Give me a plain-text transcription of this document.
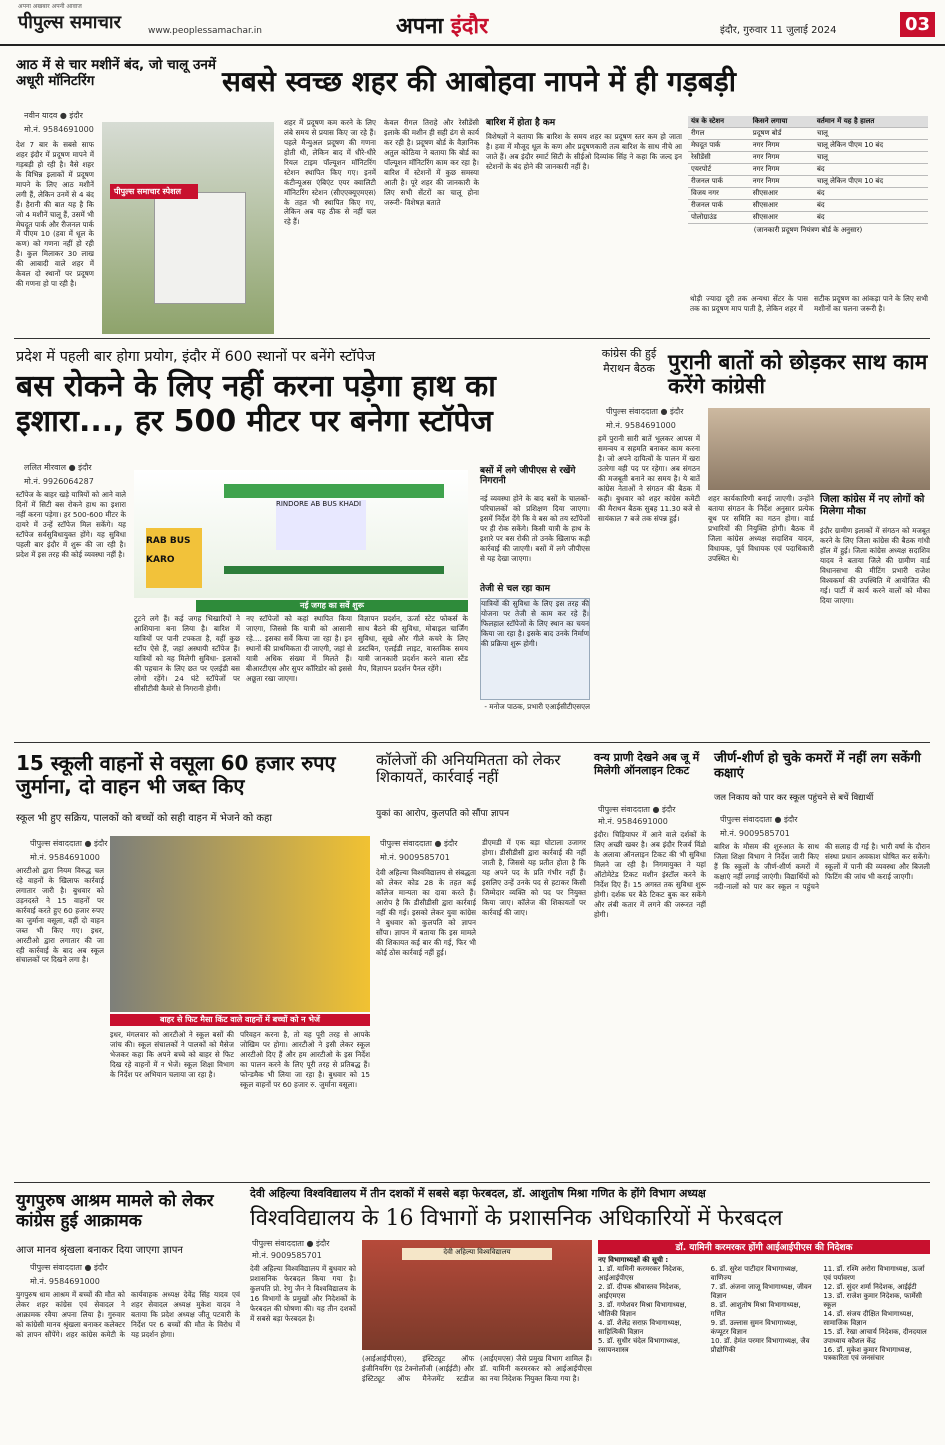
अपना अखबार अपनी आवाज
पीपुल्स समाचार	www.peoplessamachar.in	अपना इंदौर	इंदौर, गुरुवार 11 जुलाई 2024	03
आठ में से चार मशीनें बंद, जो चालू उनमें अधूरी मॉनिटरिंग	सबसे स्वच्छ शहर की आबोहवा नापने में ही गड़बड़ी
नवीन यादव ● इंदौर
मो.नं. 9584691000
देश 7 बार के सबसे साफ शहर इंदौर में प्रदूषण मापने में गड़बड़ी हो रही है। वैसे शहर के विभिन्न इलाकों में प्रदूषण मापने के लिए आठ मशीनें लगी हैं, लेकिन उनमें से 4 बंद हैं। हैरानी की बात यह है कि जो 4 मशीनें चालू हैं, उसमें भी मेघदूत पार्क और रीजनल पार्क में पीएम 10 (हवा में धूल के कण) को गणना नहीं हो रही है। कुल मिलाकर 30 लाख की आबादी वाले शहर में केवल दो स्थानों पर प्रदूषण की गणना हो पा रही है।
पीपुल्स समाचार स्पेशल
शहर में प्रदूषण कम करने के लिए लंबे समय से प्रयास किए जा रहे हैं। पहले मैन्युअल प्रदूषण की गणना होती थी, लेकिन बाद में धीरे-धीरे रियल टाइम पॉल्यूशन मॉनिटरिंग स्टेशन स्थापित किए गए। इनमें कंटीन्यूअस एंबिएंट एयर क्वालिटी मॉनिटरिंग स्टेशन (सीएएक्यूएमएस) के तहत भी स्थापित किए गए, लेकिन अब यह ठीक से नहीं चल रहे हैं।
केवल रीगल तिराहे और रेसीडेंसी इलाके की मशीन ही सही ढंग से कार्य कर रही है। प्रदूषण बोर्ड के वैज्ञानिक अतुल कोठिया ने बताया कि बोर्ड का पॉल्यूशन मॉनिटरिंग काम कर रहा है। बारिश में स्टेशनों में कुछ समस्या आती है। पूरे शहर की जानकारी के लिए सभी सेंटरों का चालू होना जरूरी- विशेषज्ञ बताते
बारिश में होता है कम
विशेषज्ञों ने बताया कि बारिश के समय शहर का प्रदूषण स्तर कम हो जाता है। हवा में मौजूद धूल के कण और प्रदूषणकारी तत्व बारिश के साथ नीचे आ जाते हैं। अब इंदौर स्मार्ट सिटी के सीईओ दिव्यांक सिंह ने कहा कि जल्द इन स्टेशनों के बंद होने की जानकारी नहीं है।
यंत्र के स्टेशन	किसने लगाया	वर्तमान में यह है हालत
रीगल	प्रदूषण बोर्ड	चालू
मेघदूत पार्क	नगर निगम	चालू लेकिन पीएम 10 बंद
रेसीडेंसी	नगर निगम	चालू
एयरपोर्ट	नगर निगम	बंद
रीजनल पार्क	नगर निगम	चालू लेकिन पीएम 10 बंद
विजय नगर	सीएसआर	बंद
रीजनल पार्क	सीएसआर	बंद
पोलोग्राउंड	सीएसआर	बंद
(जानकारी प्रदूषण नियंत्रण बोर्ड के अनुसार)
थोड़ी ज्यादा दूरी तक अन्यथा सेंटर के पास तक का प्रदूषण माप पाती है, लेकिन शहर में
सटीक प्रदूषण का आंकड़ा पाने के लिए सभी मशीनों का चलना जरूरी है।
प्रदेश में पहली बार होगा प्रयोग, इंदौर में 600 स्थानों पर बनेंगे स्टॉपेज
बस रोकने के लिए नहीं करना पड़ेगा हाथ का इशारा..., हर 500 मीटर पर बनेगा स्टॉपेज
ललित मीरवाल ● इंदौर
मो.नं. 9926064287
स्टॉपेज के बाहर खड़े यात्रियों को आने वाले दिनों में सिटी बस रोकने हाथ का इशारा नहीं करना पड़ेगा। हर 500-600 मीटर के दायरे में उन्हें स्टॉपेज मिल सकेंगे। यह स्टॉपेज सर्वसुविधायुक्त होंगे। यह सुविधा पहली बार इंदौर में शुरू की जा रही है। प्रदेश में इस तरह की कोई व्यवस्था नहीं है।
RAB BUS KARO
RINDORE AB BUS KHADI
नई जगह का सर्वे शुरू
टूटने लगे हैं। कई जगह भिखारियों ने आशियाना बना लिया है। बारिश में यात्रियों पर पानी टपकता है, वहीं कुछ स्टॉप ऐसे हैं, जहां अस्थायी स्टॉपेज हैं। यात्रियों को यह मिलेगी सुविधा- इलाकों की पहचान के लिए छत पर एलईडी बस लोगो रहेंगे। 24 घंटे स्टॉपेजों पर सीसीटीवी कैमरे से निगरानी होगी।
नए स्टॉपेजों को कहां स्थापित किया जाएगा, जिससे कि यात्री को आसानी रहे.... इसका सर्वे किया जा रहा है। इन स्थानों की प्राथमिकता दी जाएगी, जहां से यात्री अधिक संख्या में मिलते हैं। बीआरटीएस और सुपर कॉरिडोर को इससे अछूता रखा जाएगा।
विज्ञापन प्रदर्शन, ऊर्जा स्टेट फोकर्स के साथ बैठने की सुविधा, मोबाइल चार्जिंग सुविधा, सूखे और गीले कचरे के लिए डस्टबिन, एलईडी लाइट, वास्तविक समय यात्री जानकारी प्रदर्शन करने वाला स्टैंड मैप, विज्ञापन प्रदर्शन पैनल रहेंगे।
बसों में लगे जीपीएस से रखेंगे निगरानी
नई व्यवस्था होने के बाद बसों के चालकों-परिचालकों को प्रशिक्षण दिया जाएगा। इसमें निर्देश देंगे कि वे बस को तय स्टॉपेजों पर ही रोक सकेंगे। किसी यात्री के हाथ के इशारे पर बस रोकी तो उनके खिलाफ कड़ी कार्रवाई की जाएगी। बसों में लगे जीपीएस से यह देखा जाएगा।
तेजी से चल रहा काम
यात्रियों की सुविधा के लिए इस तरह की योजना पर तेजी से काम कर रहे हैं। फिलहाल स्टॉपेजों के लिए स्थान का चयन किया जा रहा है। इसके बाद उनके निर्माण की प्रक्रिया शुरू होगी।
- मनोज पाठक, प्रभारी एआईसीटीएसएल
कांग्रेस की हुई मैराथन बैठक पुरानी बातों को छोड़कर साथ काम करेंगे कांग्रेसी
पीपुल्स संवाददाता ● इंदौर
मो.नं. 9584691000
हमें पुरानी सारी बातें भूलकर आपस में समन्वय व सहमति बनाकर काम करना है। जो अपने दायित्वों के पालन में खरा उतरेगा वही पद पर रहेगा। अब संगठन की मजबूती बनाने का समय है। ये बातें कांग्रेस नेताओं ने संगठन की बैठक में कही। बुधवार को शहर कांग्रेस कमेटी की मैराथन बैठक सुबह 11.30 बजे से सायंकाल 7 बजे तक संपन्न हुई।
शहर कार्यकारिणी बनाई जाएगी। उन्होंने बताया संगठन के निर्देश अनुसार प्रत्येक बूथ पर समिति का गठन होगा। वार्ड प्रभारियों की नियुक्ति होगी। बैठक में जिला कांग्रेस अध्यक्ष सदाशिव यादव, विधायक, पूर्व विधायक एवं पदाधिकारी उपस्थित थे।
जिला कांग्रेस में नए लोगों को मिलेगा मौका
इंदौर ग्रामीण इलाकों में संगठन को मजबूत करने के लिए जिला कांग्रेस की बैठक गांधी हॉल में हुई। जिला कांग्रेस अध्यक्ष सदाशिव यादव ने बताया जिले की ग्रामीण वार्ड विधानसभा की मीटिंग प्रभारी राजेश विश्वकर्मा की उपस्थिति में आयोजित की गई। पार्टी में कार्य करने वालों को मौका दिया जाएगा।
15 स्कूली वाहनों से वसूला 60 हजार रुपए जुर्माना, दो वाहन भी जब्त किए
स्कूल भी हुए सक्रिय, पालकों को बच्चों को सही वाहन में भेजने को कहा
पीपुल्स संवाददाता ● इंदौर
मो.नं. 9584691000
आरटीओ द्वारा नियम विरुद्ध चल रहे वाहनों के खिलाफ कार्रवाई लगातार जारी है। बुधवार को उड़नदस्ते ने 15 वाहनों पर कार्रवाई करते हुए 60 हजार रुपए का जुर्माना वसूला, वहीं दो वाहन जब्त भी किए गए। इधर, आरटीओ द्वारा लगातार की जा रही कार्रवाई के बाद अब स्कूल संचालकों पर दिखने लगा है।
बाहर से फिट मैसा किंट वाले वाहनों में बच्चों को न भेजें
इधर, मंगलवार को आरटीओ ने स्कूल बसों की जांच की। स्कूल संचालकों ने पालकों को मैसेज भेजकर कहा कि अपने बच्चे को बाहर से फिट दिख रहे वाहनों में न भेजें। स्कूल शिक्षा विभाग के निर्देश पर अभियान चलाया जा रहा है।
परिवहन करना है, तो यह पूरी तरह से आपके जोखिम पर होगा। आरटीओ ने इसी लेकर स्कूल आरटीओ दिए हैं और हम आरटीओ के इस निर्देश का पालन करने के लिए पूरी तरह से प्रतिबद्ध हैं। फोन्डमैक भी लिया जा रहा है। बुधवार को 15 स्कूल वाहनों पर 60 हजार रु. जुर्माना वसूला।
कॉलेजों की अनियमितता को लेकर शिकायतें, कार्रवाई नहीं
युकां का आरोप, कुलपति को सौंपा ज्ञापन
पीपुल्स संवाददाता ● इंदौर
मो.नं. 9009585701
देवी अहिल्या विश्वविद्यालय से संबद्धता को लेकर कोड 28 के तहत कई कॉलेज मान्यता का दावा करते हैं। आरोप है कि डीसीडीसी द्वारा कार्रवाई नहीं की गई। इसको लेकर युवा कांग्रेस ने बुधवार को कुलपति को ज्ञापन सौंपा। ज्ञापन में बताया कि इस मामले की शिकायत कई बार की गई, फिर भी कोई ठोस कार्रवाई नहीं हुई।
डीएमडी में एक बड़ा घोटाला उजागर होगा। डीसीडीसी द्वारा कार्रवाई की नहीं जाती है, जिससे यह प्रतीत होता है कि यह अपने पद के प्रति गंभीर नहीं हैं। इसलिए उन्हें उनके पद से हटाकर किसी जिम्मेदार व्यक्ति को पद पर नियुक्त किया जाए। कॉलेज की शिकायतों पर कार्रवाई की जाए।
वन्य प्राणी देखने अब जू में मिलेगी ऑनलाइन टिकट
पीपुल्स संवाददाता ● इंदौर
मो.नं. 9584691000
इंदौर। चिड़ियाघर में आने वाले दर्शकों के लिए अच्छी खबर है। अब इंदौर रिजर्व विंडो के अलावा ऑनलाइन टिकट की भी सुविधा मिलने जा रही है। निगमायुक्त ने यहां ऑटोमेटेड टिकट मशीन इंस्टॉल करने के निर्देश दिए हैं। 15 अगस्त तक सुविधा शुरू होगी। दर्शक घर बैठे टिकट बुक कर सकेंगे और लंबी कतार में लगने की जरूरत नहीं होगी।
जीर्ण-शीर्ण हो चुके कमरों में नहीं लग सकेंगी कक्षाएं
जल निकाय को पार कर स्कूल पहुंचने से बचें विद्यार्थी
पीपुल्स संवाददाता ● इंदौर
मो.नं. 9009585701
बारिश के मौसम की शुरुआत के साथ जिला शिक्षा विभाग ने निर्देश जारी किए हैं कि स्कूलों के जीर्ण-शीर्ण कमरों में कक्षाएं नहीं लगाई जाएंगी। विद्यार्थियों को नदी-नालों को पार कर स्कूल न पहुंचने की सलाह दी गई है। भारी वर्षा के दौरान संस्था प्रधान अवकाश घोषित कर सकेंगे। स्कूलों में पानी की व्यवस्था और बिजली फिटिंग की जांच भी कराई जाएगी।
युगपुरुष आश्रम मामले को लेकर कांग्रेस हुई आक्रामक
आज मानव श्रृंखला बनाकर दिया जाएगा ज्ञापन
पीपुल्स संवाददाता ● इंदौर
मो.नं. 9584691000
युगपुरुष धाम आश्रम में बच्चों की मौत को लेकर शहर कांग्रेस एवं सेवादल ने आक्रामक रवैया अपना लिया है। गुरुवार को कांग्रेसी मानव श्रृंखला बनाकर कलेक्टर को ज्ञापन सौंपेंगे। शहर कांग्रेस कमेटी के कार्यवाहक अध्यक्ष देवेंद्र सिंह यादव एवं शहर सेवादल अध्यक्ष मुकेश यादव ने बताया कि प्रदेश अध्यक्ष जीतू पटवारी के निर्देश पर 6 बच्चों की मौत के विरोध में यह प्रदर्शन होगा।
देवी अहिल्या विश्वविद्यालय में तीन दशकों में सबसे बड़ा फेरबदल, डॉ. आशुतोष मिश्रा गणित के होंगे विभाग अध्यक्ष
विश्वविद्यालय के 16 विभागों के प्रशासनिक अधिकारियों में फेरबदल
पीपुल्स संवाददाता ● इंदौर
मो.नं. 9009585701
देवी अहिल्या विश्वविद्यालय में बुधवार को प्रशासनिक फेरबदल किया गया है। कुलपति प्रो. रेणु जैन ने विश्वविद्यालय के 16 विभागों के प्रमुखों और निदेशकों के फेरबदल की घोषणा की। यह तीन दशकों में सबसे बड़ा फेरबदल है।
देवी अहिल्या विश्वविद्यालय
(आईआईपीएस), इंस्टिट्यूट ऑफ इंजीनियरिंग एंड टेक्नोलॉजी (आईईटी) और इंस्टिट्यूट ऑफ मैनेजमेंट स्टडीज (आईएमएस) जैसे प्रमुख विभाग शामिल हैं। डॉ. यामिनी करमरकर को आईआईपीएस का नया निदेशक नियुक्त किया गया है।
डॉ. यामिनी करमरकर होंगी आईआईपीएस की निदेशक
नए विभागाध्यक्षों की सूची :
1. डॉ. यामिनी करमरकर निदेशक, आईआईपीएस
2. डॉ. दीपक श्रीवास्तव निदेशक, आईएमएस
3. डॉ. गणेशवर मिश्रा विभागाध्यक्ष, भौतिकी विज्ञान
4. डॉ. शैलेंद्र सराफ़ विभागाध्यक्ष, साहित्यिकी विज्ञान
5. डॉ. सुधीर चंदेल विभागाध्यक्ष, रसायनशास्त्र
6. डॉ. सुरेश पाटीदार विभागाध्यक्ष, वाणिज्य
7. डॉ. अंजना जाजू विभागाध्यक्ष, जीवन विज्ञान
8. डॉ. आशुतोष मिश्रा विभागाध्यक्ष, गणित
9. डॉ. उल्लास सुमन विभागाध्यक्ष, कंप्यूटर विज्ञान
10. डॉ. हेमंत परमार विभागाध्यक्ष, जैव प्रौद्योगिकी
11. डॉ. रश्मि अरोरा विभागाध्यक्ष, ऊर्जा एवं पर्यावरण
12. डॉ. सुंदर शर्मा निदेशक, आईईटी
13. डॉ. राजेश कुमार निदेशक, फार्मेसी स्कूल
14. डॉ. संजय दीक्षित विभागाध्यक्ष, सामाजिक विज्ञान
15. डॉ. रेखा आचार्य निदेशक, दीनदयाल उपाध्याय कौशल केंद्र
16. डॉ. मुकेश कुमार विभागाध्यक्ष, पत्रकारिता एवं जनसंचार
